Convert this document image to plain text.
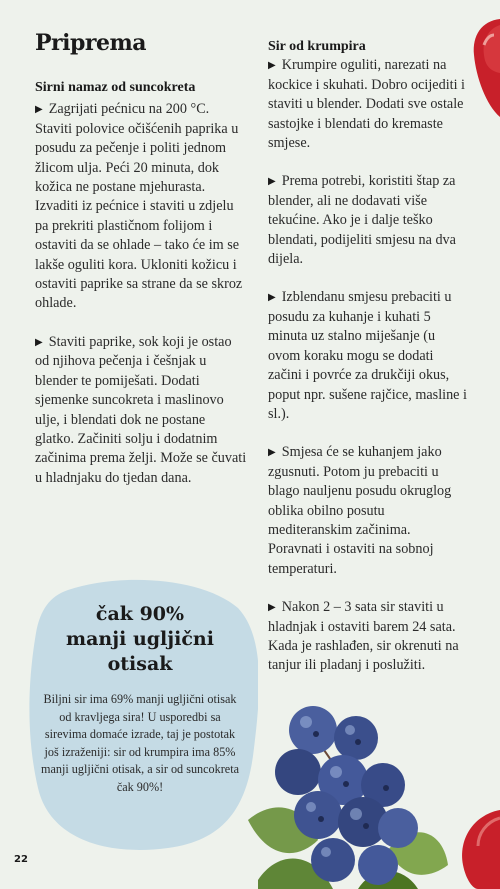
Priprema

Sirni namaz od suncokreta

▶ Zagrijati pećnicu na 200 °C. Staviti polovice očišćenih paprika u posudu za pečenje i politi jednom žlicom ulja. Peći 20 minuta, dok kožica ne postane mjehurasta. Izvaditi iz pećnice i staviti u zdjelu pa prekriti plastičnom folijom i ostaviti da se ohlade – tako će im se lakše oguliti kora. Ukloniti kožicu i ostaviti paprike sa strane da se skroz ohlade.

▶ Staviti paprike, sok koji je ostao od njihova pečenja i češnjak u blender te pomiješati. Dodati sjemenke suncokreta i maslinovo ulje, i blendati dok ne postane glatko. Začiniti solju i dodatnim začinima prema želji. Može se čuvati u hladnjaku do tjedan dana.

Sir od krumpira

▶ Krumpire oguliti, narezati na kockice i skuhati. Dobro ocijediti i staviti u blender. Dodati sve ostale sastojke i blendati do kremaste smjese.

▶ Prema potrebi, koristiti štap za blender, ali ne dodavati više tekućine. Ako je i dalje teško blendati, podijeliti smjesu na dva dijela.

▶ Izblendanu smjesu prebaciti u posudu za kuhanje i kuhati 5 minuta uz stalno miješanje (u ovom koraku mogu se dodati začini i povrće za drukčiji okus, poput npr. sušene rajčice, masline i sl.).

▶ Smjesa će se kuhanjem jako zgusnuti. Potom ju prebaciti u blago nauljenu posudu okruglog oblika obilno posutu mediteranskim začinima. Poravnati i ostaviti na sobnoj temperaturi.

▶ Nakon 2 – 3 sata sir staviti u hladnjak i ostaviti barem 24 sata. Kada je rashlađen, sir okrenuti na tanjur ili pladanj i poslužiti.

čak 90%
manji ugljični
otisak

Biljni sir ima 69% manji ugljični otisak od kravljega sira! U usporedbi sa sirevima domaće izrade, taj je postotak još izraženiji: sir od krumpira ima 85% manji ugljični otisak, a sir od suncokreta čak 90%!

22
